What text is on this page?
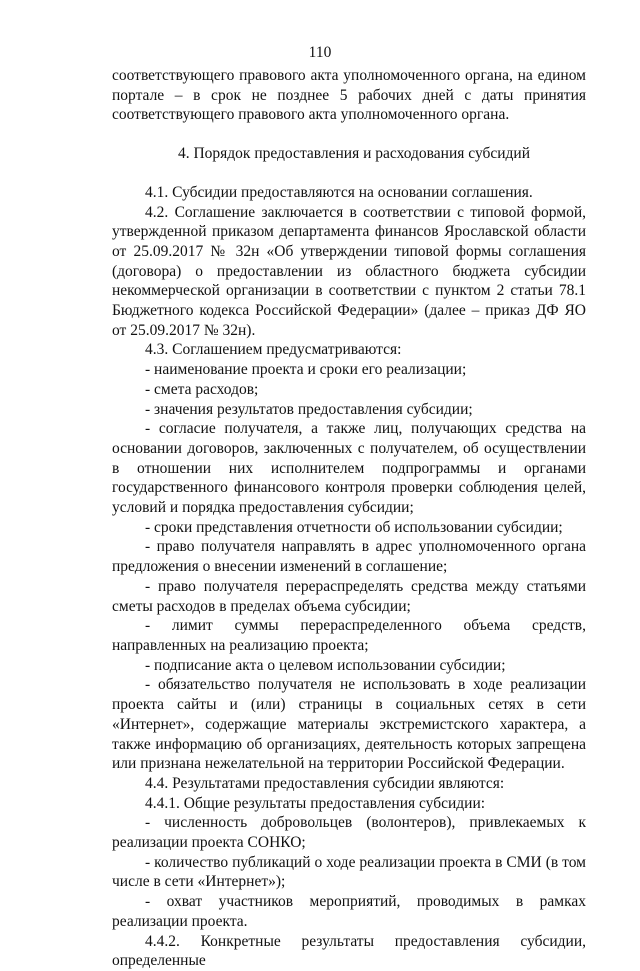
110

соответствующего правового акта уполномоченного органа, на едином портале – в срок не позднее 5 рабочих дней с даты принятия соответствующего правового акта уполномоченного органа.

4. Порядок предоставления и расходования субсидий

4.1. Субсидии предоставляются на основании соглашения.

4.2. Соглашение заключается в соответствии с типовой формой, утвержденной приказом департамента финансов Ярославской области от 25.09.2017 № 32н «Об утверждении типовой формы соглашения (договора) о предоставлении из областного бюджета субсидии некоммерческой организации в соответствии с пунктом 2 статьи 78.1 Бюджетного кодекса Российской Федерации» (далее – приказ ДФ ЯО от 25.09.2017 № 32н).

4.3. Соглашением предусматриваются:

- наименование проекта и сроки его реализации;

- смета расходов;

- значения результатов предоставления субсидии;

- согласие получателя, а также лиц, получающих средства на основании договоров, заключенных с получателем, об осуществлении в отношении них исполнителем подпрограммы и органами государственного финансового контроля проверки соблюдения целей, условий и порядка предоставления субсидии;

- сроки представления отчетности об использовании субсидии;

- право получателя направлять в адрес уполномоченного органа предложения о внесении изменений в соглашение;

- право получателя перераспределять средства между статьями сметы расходов в пределах объема субсидии;

- лимит суммы перераспределенного объема средств, направленных на реализацию проекта;

- подписание акта о целевом использовании субсидии;

- обязательство получателя не использовать в ходе реализации проекта сайты и (или) страницы в социальных сетях в сети «Интернет», содержащие материалы экстремистского характера, а также информацию об организациях, деятельность которых запрещена или признана нежелательной на территории Российской Федерации.

4.4. Результатами предоставления субсидии являются:

4.4.1. Общие результаты предоставления субсидии:

- численность добровольцев (волонтеров), привлекаемых к реализации проекта СОНКО;

- количество публикаций о ходе реализации проекта в СМИ (в том числе в сети «Интернет»);

- охват участников мероприятий, проводимых в рамках реализации проекта.

4.4.2. Конкретные результаты предоставления субсидии, определенные
